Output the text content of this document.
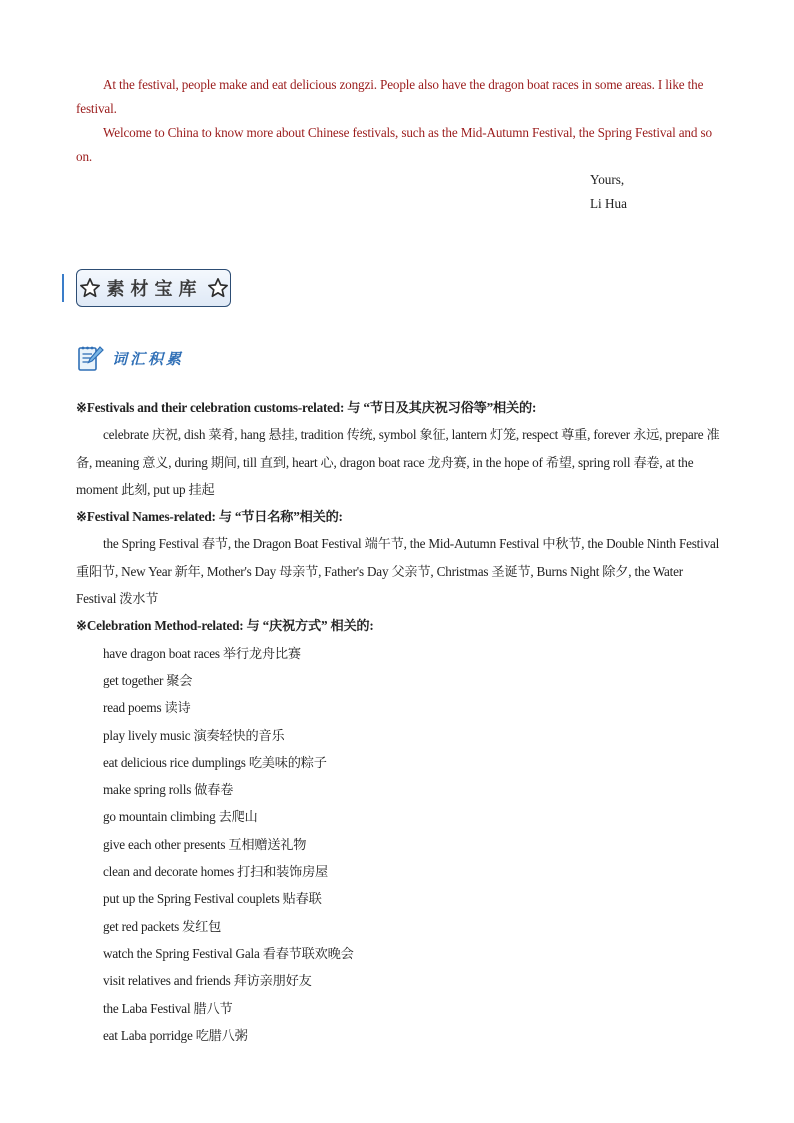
At the festival, people make and eat delicious zongzi. People also have the dragon boat races in some areas. I like the festival.

Welcome to China to know more about Chinese festivals, such as the Mid-Autumn Festival, the Spring Festival and so on.

Yours,
Li Hua
素材宝库
词汇积累

※Festivals and their celebration customs-related: 与 “节日及其庆祝习俗等”相关的:

celebrate 庆祝, dish 菜肴, hang 悬挂, tradition 传统, symbol 象征, lantern 灯笼, respect 尊重, forever 永远, prepare 准备, meaning 意义, during 期间, till 直到, heart 心, dragon boat race 龙舟赛, in the hope of 希望, spring roll 春卷, at the moment 此刻, put up 挂起

※Festival Names-related: 与 “节日名称”相关的:

the Spring Festival 春节, the Dragon Boat Festival 端午节, the Mid-Autumn Festival 中秋节, the Double Ninth Festival 重阳节, New Year 新年, Mother's Day 母亲节, Father's Day 父亲节, Christmas 圣诞节, Burns Night 除夕, the Water Festival 泼水节

※Celebration Method-related: 与 “庆祝方式” 相关的:

have dragon boat races 举行龙舟比赛

get together 聚会

read poems 读诗

play lively music 演奏轻快的音乐

eat delicious rice dumplings 吃美味的粽子

make spring rolls 做春卷

go mountain climbing 去爬山

give each other presents 互相赠送礼物

clean and decorate homes 打扫和装饰房屋

put up the Spring Festival couplets 贴春联

get red packets 发红包

watch the Spring Festival Gala 看春节联欢晚会

visit relatives and friends 拜访亲朋好友

the Laba Festival 腊八节

eat Laba porridge 吃腊八粥
